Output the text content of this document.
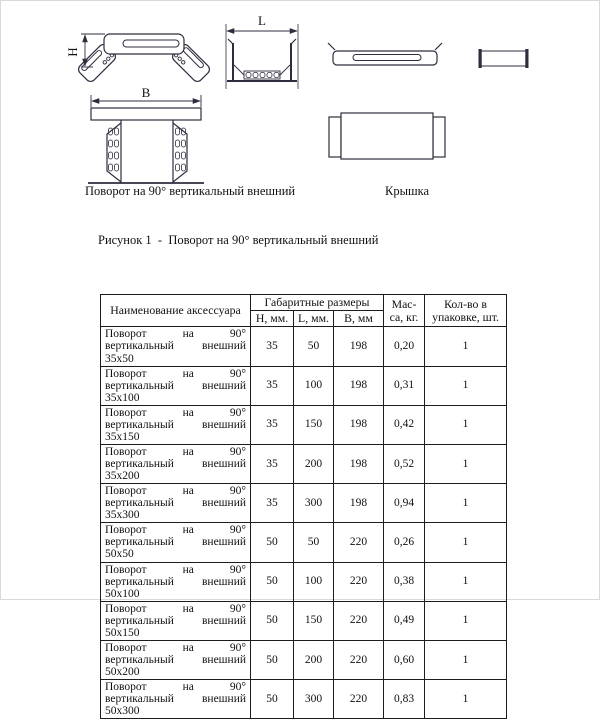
H
L
B
Поворот на 90° вертикальный внешний	Крышка
Рисунок 1  -  Поворот на 90° вертикальный внешний
Наименование аксессуара	Габаритные размеры			Мас-са, кг.	Кол-во в упаковке, шт.
	Н, мм.	L, мм.	В, мм		
Поворот на 90° вертикальный внешний 35x50	35	50	198	0,20	1
Поворот на 90° вертикальный внешний 35x100	35	100	198	0,31	1
Поворот на 90° вертикальный внешний 35x150	35	150	198	0,42	1
Поворот на 90° вертикальный внешний 35x200	35	200	198	0,52	1
Поворот на 90° вертикальный внешний 35x300	35	300	198	0,94	1
Поворот на 90° вертикальный внешний 50x50	50	50	220	0,26	1
Поворот на 90° вертикальный внешний 50x100	50	100	220	0,38	1
Поворот на 90° вертикальный внешний 50x150	50	150	220	0,49	1
Поворот на 90° вертикальный внешний 50x200	50	200	220	0,60	1
Поворот на 90° вертикальный внешний 50x300	50	300	220	0,83	1
